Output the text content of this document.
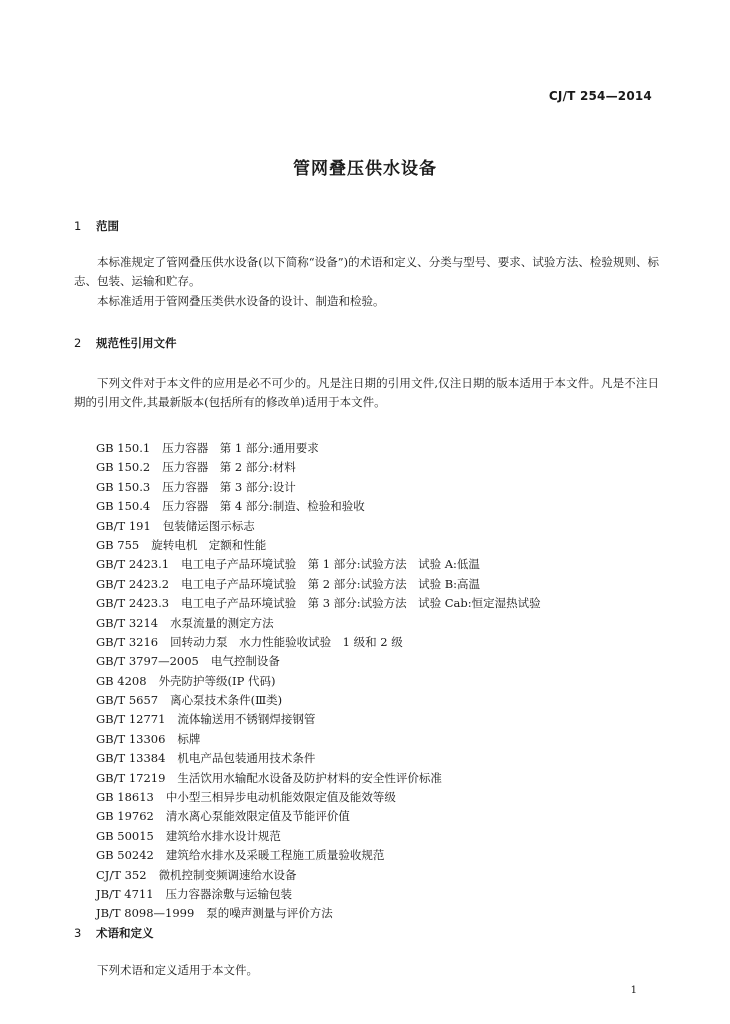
CJ/T 254—2014
管网叠压供水设备
1 范围
本标准规定了管网叠压供水设备(以下简称“设备”)的术语和定义、分类与型号、要求、试验方法、检验规则、标志、包装、运输和贮存。
本标准适用于管网叠压类供水设备的设计、制造和检验。
2 规范性引用文件
下列文件对于本文件的应用是必不可少的。凡是注日期的引用文件,仅注日期的版本适用于本文件。凡是不注日期的引用文件,其最新版本(包括所有的修改单)适用于本文件。
GB 150.1 压力容器　第 1 部分:通用要求
GB 150.2 压力容器　第 2 部分:材料
GB 150.3 压力容器　第 3 部分:设计
GB 150.4 压力容器　第 4 部分:制造、检验和验收
GB/T 191 包装储运图示标志
GB 755 旋转电机　定额和性能
GB/T 2423.1 电工电子产品环境试验　第 1 部分:试验方法　试验 A:低温
GB/T 2423.2 电工电子产品环境试验　第 2 部分:试验方法　试验 B:高温
GB/T 2423.3 电工电子产品环境试验　第 3 部分:试验方法　试验 Cab:恒定湿热试验
GB/T 3214 水泵流量的测定方法
GB/T 3216 回转动力泵　水力性能验收试验　1 级和 2 级
GB/T 3797—2005 电气控制设备
GB 4208 外壳防护等级(IP 代码)
GB/T 5657 离心泵技术条件(Ⅲ类)
GB/T 12771 流体输送用不锈钢焊接钢管
GB/T 13306 标牌
GB/T 13384 机电产品包装通用技术条件
GB/T 17219 生活饮用水输配水设备及防护材料的安全性评价标准
GB 18613 中小型三相异步电动机能效限定值及能效等级
GB 19762 清水离心泵能效限定值及节能评价值
GB 50015 建筑给水排水设计规范
GB 50242 建筑给水排水及采暖工程施工质量验收规范
CJ/T 352 微机控制变频调速给水设备
JB/T 4711 压力容器涂敷与运输包装
JB/T 8098—1999 泵的噪声测量与评价方法
3 术语和定义
下列术语和定义适用于本文件。
1
